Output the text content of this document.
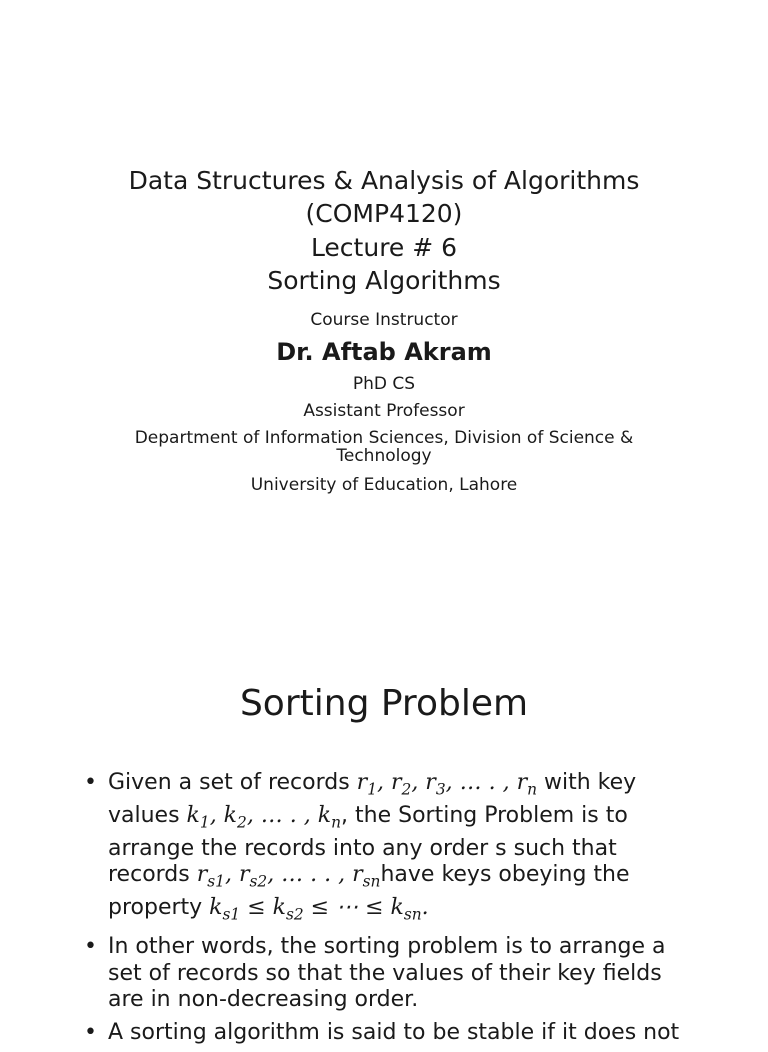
Data Structures & Analysis of Algorithms
(COMP4120)
Lecture # 6
Sorting Algorithms
Course Instructor
Dr. Aftab Akram
PhD CS
Assistant Professor
Department of Information Sciences, Division of Science &
Technology
University of Education, Lahore
Sorting Problem
• Given a set of records $r_1$, $r_2$, $r_3$, … . , $r_n$ with key values $k_1$, $k_2$, … . , $k_n$, the Sorting Problem is to arrange the records into any order s such that records $r_{s1}$, $r_{s2}$, … . . , $r_{sn}have$ keys obeying the property $k_{s1} \le k_{s2}$ ≤ ⋯ ≤ $k_{sn}$.
• In other words, the sorting problem is to arrange a set of records so that the values of their key fields are in non-decreasing order.
• A sorting algorithm is said to be stable if it does not
